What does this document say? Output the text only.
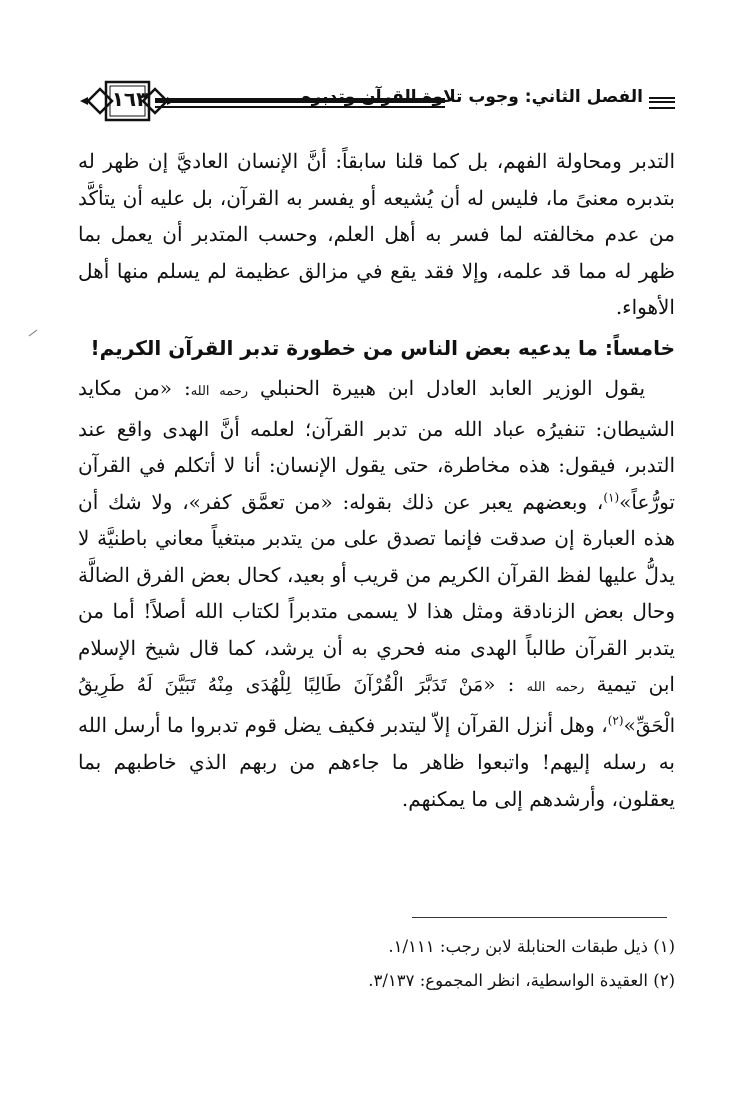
١٦٣	الفصل الثاني: وجوب تلاوة القرآن وتدبره

التدبر ومحاولة الفهم، بل كما قلنا سابقاً: أنَّ الإنسان العاديَّ إن ظهر له بتدبره معنىً ما، فليس له أن يُشيعه أو يفسر به القرآن، بل عليه أن يتأكَّد من عدم مخالفته لما فسر به أهل العلم، وحسب المتدبر أن يعمل بما ظهر له مما قد علمه، وإلا فقد يقع في مزالق عظيمة لم يسلم منها أهل الأهواء.

خامساً: ما يدعيه بعض الناس من خطورة تدبر القرآن الكريم!

يقول الوزير العابد العادل ابن هبيرة الحنبلي رحمه الله: «من مكايد الشيطان: تنفيرُه عباد الله من تدبر القرآن؛ لعلمه أنَّ الهدى واقع عند التدبر، فيقول: هذه مخاطرة، حتى يقول الإنسان: أنا لا أتكلم في القرآن تورُّعاً»$^{(١)}$، وبعضهم يعبر عن ذلك بقوله: «من تعمَّق كفر»، ولا شك أن هذه العبارة إن صدقت فإنما تصدق على من يتدبر مبتغياً معاني باطنيَّة لا يدلُّ عليها لفظ القرآن الكريم من قريب أو بعيد، كحال بعض الفرق الضالَّة وحال بعض الزنادقة ومثل هذا لا يسمى متدبراً لكتاب الله أصلاً! أما من يتدبر القرآن طالباً الهدى منه فحري به أن يرشد، كما قال شيخ الإسلام ابن تيمية رحمه الله : «مَنْ تَدَبَّرَ الْقُرْآنَ طَالِبًا لِلْهُدَى مِنْهُ تَبَيَّنَ لَهُ طَرِيقُ الْحَقِّ»$^{(٢)}$، وهل أنزل القرآن إلاّ ليتدبر فكيف يضل قوم تدبروا ما أرسل الله به رسله إليهم! واتبعوا ظاهر ما جاءهم من ربهم الذي خاطبهم بما يعقلون، وأرشدهم إلى ما يمكنهم.

(١) ذيل طبقات الحنابلة لابن رجب: ١/١١١.

(٢) العقيدة الواسطية، انظر المجموع: ٣/١٣٧.
